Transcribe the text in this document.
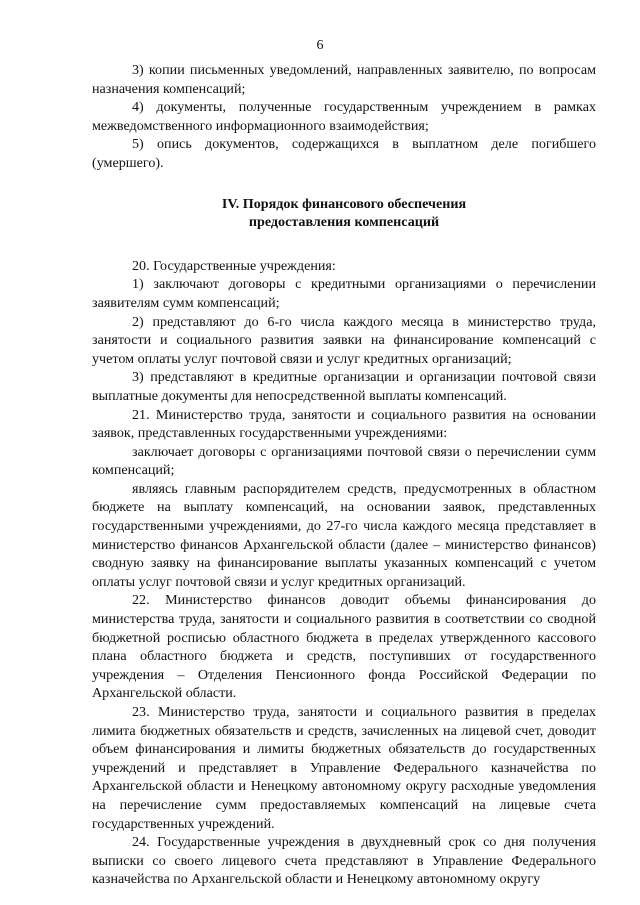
6

3) копии письменных уведомлений, направленных заявителю, по вопросам назначения компенсаций;

4) документы, полученные государственным учреждением в рамках межведомственного информационного взаимодействия;

5) опись документов, содержащихся в выплатном деле погибшего (умершего).

IV. Порядок финансового обеспечения
предоставления компенсаций

20. Государственные учреждения:

1) заключают договоры с кредитными организациями о перечислении заявителям сумм компенсаций;

2) представляют до 6-го числа каждого месяца в министерство труда, занятости и социального развития заявки на финансирование компенсаций с учетом оплаты услуг почтовой связи и услуг кредитных организаций;

3) представляют в кредитные организации и организации почтовой связи выплатные документы для непосредственной выплаты компенсаций.

21. Министерство труда, занятости и социального развития на основании заявок, представленных государственными учреждениями:

заключает договоры с организациями почтовой связи о перечислении сумм компенсаций;

являясь главным распорядителем средств, предусмотренных в областном бюджете на выплату компенсаций, на основании заявок, представленных государственными учреждениями, до 27-го числа каждого месяца представляет в министерство финансов Архангельской области (далее – министерство финансов) сводную заявку на финансирование выплаты указанных компенсаций с учетом оплаты услуг почтовой связи и услуг кредитных организаций.

22. Министерство финансов доводит объемы финансирования до министерства труда, занятости и социального развития в соответствии со сводной бюджетной росписью областного бюджета в пределах утвержденного кассового плана областного бюджета и средств, поступивших от государственного учреждения – Отделения Пенсионного фонда Российской Федерации по Архангельской области.

23. Министерство труда, занятости и социального развития в пределах лимита бюджетных обязательств и средств, зачисленных на лицевой счет, доводит объем финансирования и лимиты бюджетных обязательств до государственных учреждений и представляет в Управление Федерального казначейства по Архангельской области и Ненецкому автономному округу расходные уведомления на перечисление сумм предоставляемых компенсаций на лицевые счета государственных учреждений.

24. Государственные учреждения в двухдневный срок со дня получения выписки со своего лицевого счета представляют в Управление Федерального казначейства по Архангельской области и Ненецкому автономному округу
